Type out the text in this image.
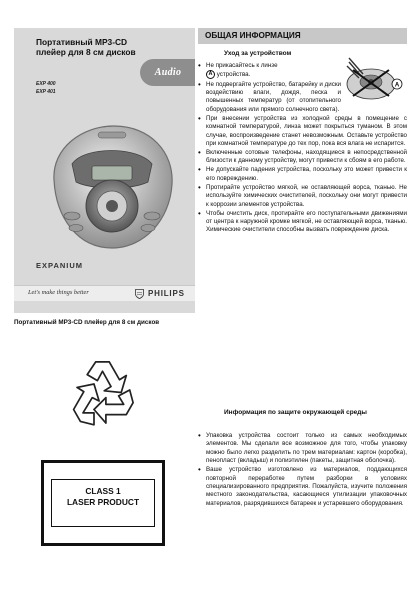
Портативный MP3-CD плейер для 8 см дисков
EXP 400
EXP 401
Audio
EXPANIUM
Let's make things better	PHILIPS
Портативный MP3-CD плейер для 8 см дисков
CLASS 1
LASER PRODUCT
ОБЩАЯ ИНФОРМАЦИЯ
Уход за устройством
A
• Не прикасайтесь к линзе
A устройства.
• Не подвергайте устройство, батарейку и диски воздействию влаги, дождя, песка и повышенных температур (от отопительного оборудования или прямого солнечного света).
• При внесении устройства из холодной среды в помещение с комнатной температурой, линза может покрыться туманом. В этом случае, воспроизведение станет невозможным. Оставьте устройство при комнатной температуре до тех пор, пока вся влага не испарится.
• Включенные сотовые телефоны, находящиеся в непосредственной близости к данному устройству, могут привести к сбоям в его работе.
• Не допускайте падения устройства, поскольку это может привести к его повреждению.
• Протирайте устройство мягкой, не оставляющей ворса, тканью. Не используйте химических очистителей, поскольку они могут привести к коррозии элементов устройства.
• Чтобы очистить диск, протирайте его поступательными движениями от центра к наружной кромке мягкой, не оставляющей ворса, тканью. Химические очистители способны вызвать повреждение диска.
Информация по защите окружающей среды
• Упаковка устройства состоит только из самых необходимых элементов. Мы сделали все возможное для того, чтобы упаковку можно было легко разделить по трем материалам: картон (коробка), пенопласт (вкладыш) и полиэтилен (пакеты, защитная оболочка).
• Ваше устройство изготовлено из материалов, поддающихся повторной переработке путем разборки в условиях специализированного предприятия. Пожалуйста, изучите положения местного законодательства, касающиеся утилизации упаковочных материалов, разрядившихся батареек и устаревшего оборудования.
